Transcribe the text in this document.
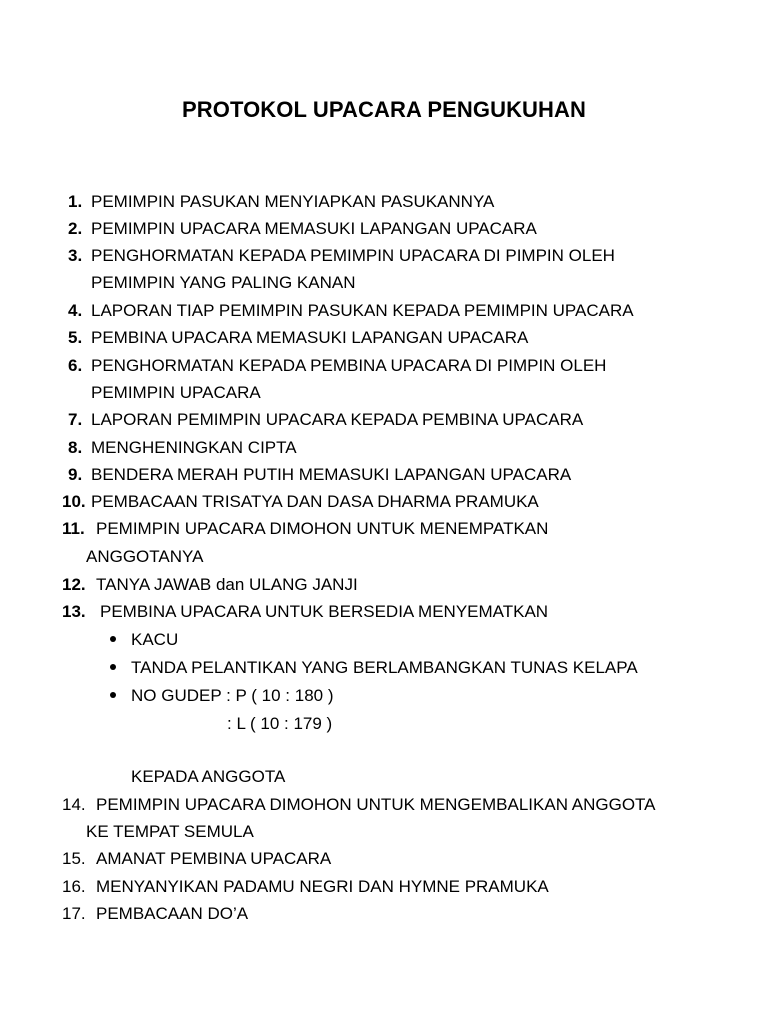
PROTOKOL UPACARA PENGUKUHAN
1. PEMIMPIN PASUKAN MENYIAPKAN PASUKANNYA
2. PEMIMPIN UPACARA MEMASUKI LAPANGAN UPACARA
3. PENGHORMATAN KEPADA PEMIMPIN UPACARA DI PIMPIN OLEH
PEMIMPIN YANG PALING KANAN
4. LAPORAN TIAP PEMIMPIN PASUKAN KEPADA PEMIMPIN UPACARA
5. PEMBINA UPACARA MEMASUKI LAPANGAN UPACARA
6. PENGHORMATAN KEPADA PEMBINA UPACARA DI PIMPIN OLEH
PEMIMPIN UPACARA
7. LAPORAN PEMIMPIN UPACARA KEPADA PEMBINA UPACARA
8. MENGHENINGKAN CIPTA
9. BENDERA MERAH PUTIH MEMASUKI LAPANGAN UPACARA
10. PEMBACAAN TRISATYA DAN DASA DHARMA PRAMUKA
11. PEMIMPIN UPACARA DIMOHON UNTUK MENEMPATKAN
ANGGOTANYA
12. TANYA JAWAB dan ULANG JANJI
13. PEMBINA UPACARA UNTUK BERSEDIA MENYEMATKAN
KACU
TANDA PELANTIKAN YANG BERLAMBANGKAN TUNAS KELAPA
NO GUDEP : P ( 10 : 180 )
: L ( 10 : 179 )
KEPADA ANGGOTA
14. PEMIMPIN UPACARA DIMOHON UNTUK MENGEMBALIKAN ANGGOTA
KE TEMPAT SEMULA
15. AMANAT PEMBINA UPACARA
16. MENYANYIKAN PADAMU NEGRI DAN HYMNE PRAMUKA
17. PEMBACAAN DO’A
